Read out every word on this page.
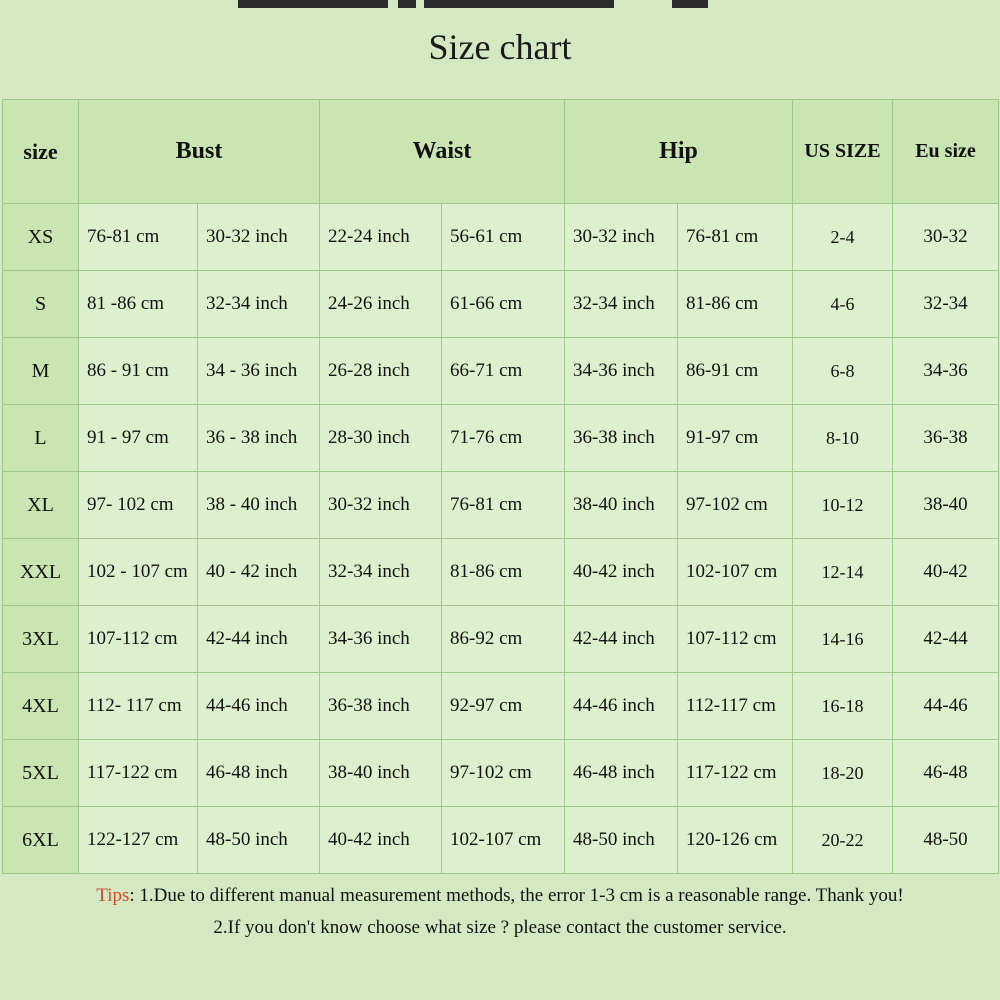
Size chart
size	Bust		Waist		Hip		US SIZE	Eu size
XS	76-81 cm	30-32 inch	22-24 inch	56-61 cm	30-32 inch	76-81 cm	2-4	30-32
S	81 -86 cm	32-34 inch	24-26 inch	61-66 cm	32-34 inch	81-86 cm	4-6	32-34
M	86 - 91 cm	34 - 36 inch	26-28 inch	66-71 cm	34-36 inch	86-91 cm	6-8	34-36
L	91 - 97 cm	36 - 38 inch	28-30 inch	71-76 cm	36-38 inch	91-97 cm	8-10	36-38
XL	97- 102 cm	38 - 40 inch	30-32 inch	76-81 cm	38-40 inch	97-102 cm	10-12	38-40
XXL	102 - 107 cm	40 - 42 inch	32-34 inch	81-86 cm	40-42 inch	102-107 cm	12-14	40-42
3XL	107-112 cm	42-44 inch	34-36 inch	86-92 cm	42-44 inch	107-112 cm	14-16	42-44
4XL	112- 117 cm	44-46 inch	36-38 inch	92-97 cm	44-46 inch	112-117 cm	16-18	44-46
5XL	117-122 cm	46-48 inch	38-40 inch	97-102 cm	46-48 inch	117-122 cm	18-20	46-48
6XL	122-127 cm	48-50 inch	40-42 inch	102-107 cm	48-50 inch	120-126 cm	20-22	48-50
Tips: 1.Due to different manual measurement methods, the error 1-3 cm is a reasonable range. Thank you!
2.If you don't know choose what size ? please contact the customer service.
